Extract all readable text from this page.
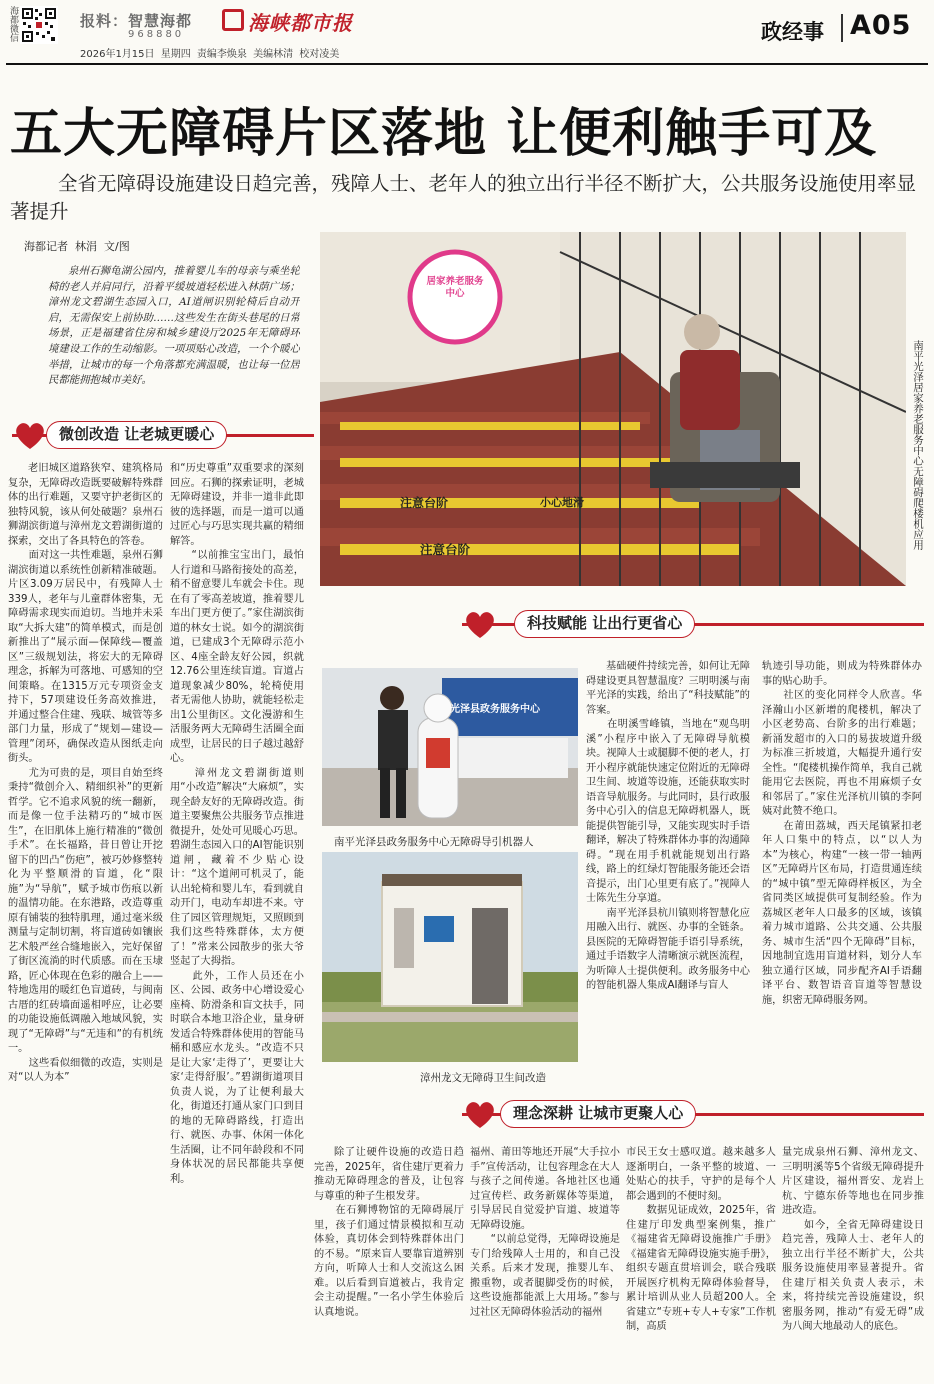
海都微信	报料：智慧海都
968880	海峡都市报
2026年1月15日 星期四 责编李焕泉 美编林清 校对凌美
政经事 A05
五大无障碍片区落地 让便利触手可及
全省无障碍设施建设日趋完善，残障人士、老年人的独立出行半径不断扩大，公共服务设施使用率显著提升
海都记者  林涓  文/图
泉州石狮龟湖公园内，推着婴儿车的母亲与乘坐轮椅的老人并肩同行，沿着平缓坡道轻松进入林荫广场；漳州龙文碧湖生态园入口，AI道闸识别轮椅后自动开启，无需保安上前协助……这些发生在街头巷尾的日常场景，正是福建省住房和城乡建设厅2025年无障碍环境建设工作的生动缩影。一项项贴心改造，一个个暖心举措，让城市的每一个角落都充满温暖，也让每一位居民都能拥抱城市美好。
微创改造 让老城更暖心
老旧城区道路狭窄、建筑格局复杂，无障碍改造既要破解特殊群体的出行难题，又要守护老街区的独特风貌，该从何处破题？泉州石狮湖滨街道与漳州龙文碧湖街道的探索，交出了各具特色的答卷。
　　面对这一共性难题，泉州石狮湖滨街道以系统性创新精准破题。片区3.09万居民中，有残障人士339人，老年与儿童群体密集，无障碍需求现实而迫切。当地并未采取“大拆大建”的简单模式，而是创新推出了“展示面—保障线—覆盖区”三级规划法，将宏大的无障碍理念，拆解为可落地、可感知的空间策略。在1315万元专项资金支持下，57项建设任务高效推进，并通过整合住建、残联、城管等多部门力量，形成了“规划—建设—管理”闭环，确保改造从图纸走向街头。
　　尤为可贵的是，项目自始至终秉持“微创介入、精细织补”的更新哲学。它不追求风貌的统一翻新，而是像一位手法精巧的“城市医生”，在旧肌体上施行精准的“微创手术”。在长福路，昔日曾让开挖留下的凹凸“伤疤”，被巧妙修整转化为平整顺滑的盲道，化“限施”为“导航”，赋予城市伤痕以新的温情功能。在东港路，改造尊重原有铺装的独特肌理，通过毫米级测量与定制切割，将盲道砖如镶嵌艺术般严丝合缝地嵌入，完好保留了街区流淌的时代质感。而在玉埭路，匠心体现在色彩的融合上——特地选用的暖红色盲道砖，与闽南古厝的红砖墙面遥相呼应，让必要的功能设施低调融入地域风貌，实现了“无障碍”与“无违和”的有机统一。
　　这些看似细微的改造，实则是对“以人为本”
和“历史尊重”双重要求的深刻回应。石狮的探索证明，老城无障碍建设，并非一道非此即彼的选择题，而是一道可以通过匠心与巧思实现共赢的精细解答。
　　“以前推宝宝出门，最怕人行道和马路衔接处的高差，稍不留意婴儿车就会卡住。现在有了零高差坡道，推着婴儿车出门更方便了。”家住湖滨街道的林女士说。如今的湖滨街道，已建成3个无障碍示范小区、4座全龄友好公园，织就12.76公里连续盲道。盲道占道现象减少80%，轮椅使用者无需他人协助，就能轻松走出1公里街区。文化漫游和生活服务两大无障碍生活圈全面成型，让居民的日子越过越舒心。
　　漳州龙文碧湖街道则用“小改造”解决“大麻烦”，实现全龄友好的无障碍改造。街道主要聚焦公共服务节点推进微提升，处处可见暖心巧思。碧湖生态园入口的AI智能识别道闸，藏着不少贴心设计：“这个道闸可机灵了，能认出轮椅和婴儿车，看到就自动开门，电动车却进不来。守住了园区管理规矩，又照顾到我们这些特殊群体，太方便了！”常来公园散步的张大爷竖起了大拇指。
　　此外，工作人员还在小区、公园、政务中心增设爱心座椅、防滑条和盲文扶手，同时联合本地卫浴企业，量身研发适合特殊群体使用的智能马桶和感应水龙头。“改造不只是让大家‘走得了’，更要让大家‘走得舒服’。”碧湖街道项目负责人说，为了让便利最大化，街道还打通从家门口到目的地的无障碍路线，打造出行、就医、办事、休闲一体化生活圈，让不同年龄段和不同身体状况的居民都能共享便利。
居家养老服务中心
注意台阶
注意台阶
小心地滑	南平光泽居家养老服务中心无障碍爬楼机应用
科技赋能 让出行更省心
光泽县政务服务中心
南平光泽县政务服务中心无障碍导引机器人
漳州龙文无障碍卫生间改造
基础硬件持续完善，如何让无障碍建设更具智慧温度？三明明溪与南平光泽的实践，给出了“科技赋能”的答案。
　　在明溪雪峰镇，当地在“观鸟明溪”小程序中嵌入了无障碍导航模块。视障人士或腿脚不便的老人，打开小程序就能快速定位附近的无障碍卫生间、坡道等设施，还能获取实时语音导航服务。与此同时，县行政服务中心引入的信息无障碍机器人，既能提供智能引导，又能实现实时手语翻译，解决了特殊群体办事的沟通障碍。“现在用手机就能规划出行路线，路上的红绿灯智能服务能还会语音提示，出门心里更有底了。”视障人士陈先生分享道。
　　南平光泽县杭川镇则将智慧化应用融入出行、就医、办事的全链条。县医院的无障碍智能手语引导系统，通过手语数字人清晰演示就医流程，为听障人士提供便利。政务服务中心的智能机器人集成AI翻译与盲人
轨迹引导功能，则成为特殊群体办事的贴心助手。
　　社区的变化同样令人欣喜。华泽瀚山小区新增的爬楼机，解决了小区老势高、台阶多的出行难题；新涌发超市的入口的易拔坡道升级为标准三折坡道，大幅提升通行安全性。“爬楼机操作简单，我自己就能用它去医院，再也不用麻烦子女和邻居了。”家住光泽杭川镇的李阿姨对此赞不绝口。
　　在莆田荔城，西天尾镇紧扣老年人口集中的特点，以“以人为本”为核心，构建“一核一带一轴两区”无障碍片区布局，打造贯通连续的“城中镇”型无障碍样板区，为全省同类区域提供可复制经验。作为荔城区老年人口最多的区域，该镇着力城市道路、公共交通、公共服务、城市生活“四个无障碍”目标，因地制宜选用盲道材料，划分人车独立通行区域，同步配齐AI手语翻译平台、数智语音盲道等智慧设施，织密无障碍服务网。
理念深耕 让城市更聚人心
除了让硬件设施的改造日趋完善，2025年，省住建厅更着力推动无障碍理念的普及，让包容与尊重的种子生根发芽。
　　在石狮博物馆的无障碍展厅里，孩子们通过情景模拟和互动体验，真切体会到特殊群体出门的不易。“原来盲人要靠盲道辨别方向，听障人士和人交流这么困难。以后看到盲道被占，我肯定会主动提醒。”一名小学生体验后认真地说。
福州、莆田等地还开展“大手拉小手”宣传活动，让包容理念在大人与孩子之间传递。各地社区也通过宣传栏、政务新媒体等渠道，引导居民自觉爱护盲道、坡道等无障碍设施。
　　“以前总觉得，无障碍设施是专门给残障人士用的，和自己没关系。后来才发现，推婴儿车、搬重物，或者腿脚受伤的时候，这些设施都能派上大用场。”参与过社区无障碍体验活动的福州
市民王女士感叹道。越来越多人逐渐明白，一条平整的坡道、一处贴心的扶手，守护的是每个人都会遇到的不便时刻。
　　数据见证成效，2025年，省住建厅印发典型案例集，推广《福建省无障碍设施推广手册》《福建省无障碍设施实施手册》，组织专题直贯培训会，联合残联开展医疗机构无障碍体验督导，累计培训从业人员超200人。全省建立“专班+专人+专家”工作机制，高质
量完成泉州石狮、漳州龙文、三明明溪等5个省级无障碍提升片区建设，福州晋安、龙岩上杭、宁德东侨等地也在同步推进改造。
　　如今，全省无障碍建设日趋完善，残障人士、老年人的独立出行半径不断扩大，公共服务设施使用率显著提升。省住建厅相关负责人表示，未来，将持续完善设施建设，织密服务网，推动“有爱无碍”成为八闽大地最动人的底色。
